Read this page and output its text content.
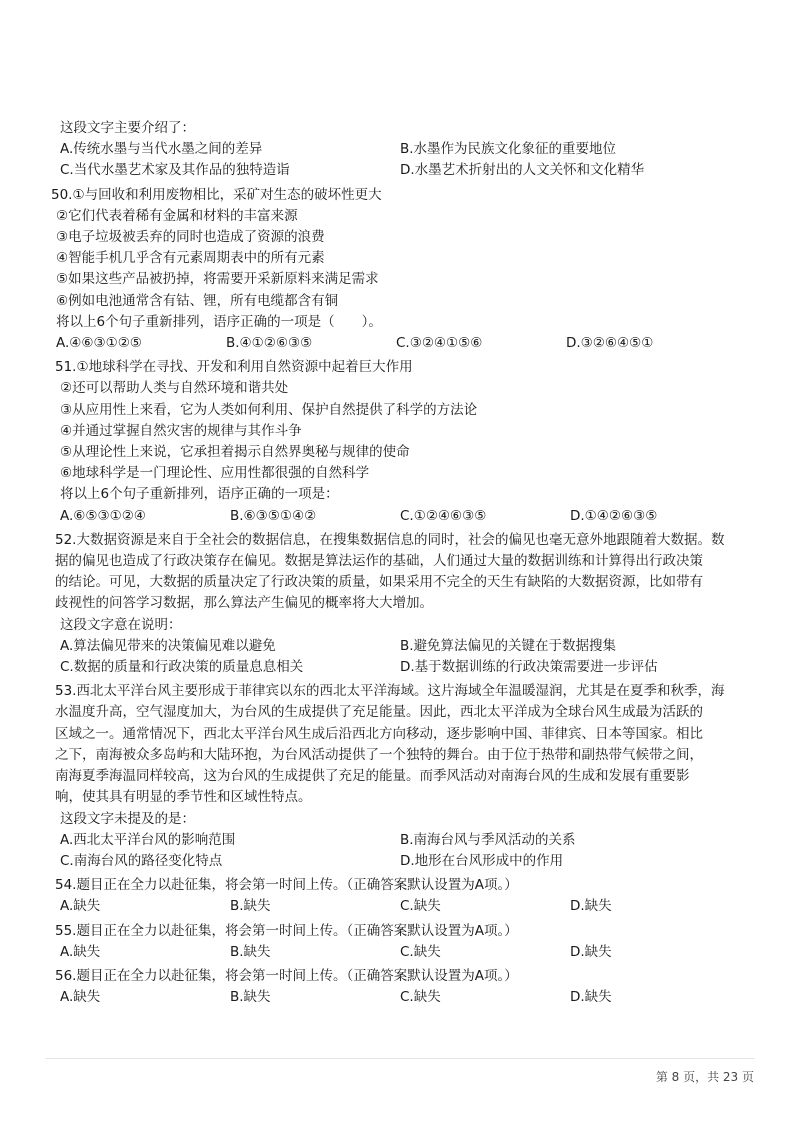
这段文字主要介绍了：
A.传统水墨与当代水墨之间的差异	B.水墨作为民族文化象征的重要地位
C.当代水墨艺术家及其作品的独特造诣	D.水墨艺术折射出的人文关怀和文化精华
50.①与回收和利用废物相比，采矿对生态的破坏性更大
②它们代表着稀有金属和材料的丰富来源
③电子垃圾被丢弃的同时也造成了资源的浪费
④智能手机几乎含有元素周期表中的所有元素
⑤如果这些产品被扔掉，将需要开采新原料来满足需求
⑥例如电池通常含有钴、锂，所有电缆都含有铜
将以上6个句子重新排列，语序正确的一项是（　　）。
A.④⑥③①②⑤	B.④①②⑥③⑤	C.③②④①⑤⑥	D.③②⑥④⑤①
51.①地球科学在寻找、开发和利用自然资源中起着巨大作用
②还可以帮助人类与自然环境和谐共处
③从应用性上来看，它为人类如何利用、保护自然提供了科学的方法论
④并通过掌握自然灾害的规律与其作斗争
⑤从理论性上来说，它承担着揭示自然界奥秘与规律的使命
⑥地球科学是一门理论性、应用性都很强的自然科学
将以上6个句子重新排列，语序正确的一项是：
A.⑥⑤③①②④	B.⑥③⑤①④②	C.①②④⑥③⑤	D.①④②⑥③⑤
52.大数据资源是来自于全社会的数据信息，在搜集数据信息的同时，社会的偏见也毫无意外地跟随着大数据。数
据的偏见也造成了行政决策存在偏见。数据是算法运作的基础，人们通过大量的数据训练和计算得出行政决策
的结论。可见，大数据的质量决定了行政决策的质量，如果采用不完全的天生有缺陷的大数据资源，比如带有
歧视性的问答学习数据，那么算法产生偏见的概率将大大增加。
这段文字意在说明：
A.算法偏见带来的决策偏见难以避免	B.避免算法偏见的关键在于数据搜集
C.数据的质量和行政决策的质量息息相关	D.基于数据训练的行政决策需要进一步评估
53.西北太平洋台风主要形成于菲律宾以东的西北太平洋海域。这片海域全年温暖湿润，尤其是在夏季和秋季，海
水温度升高，空气湿度加大，为台风的生成提供了充足能量。因此，西北太平洋成为全球台风生成最为活跃的
区域之一。通常情况下，西北太平洋台风生成后沿西北方向移动，逐步影响中国、菲律宾、日本等国家。相比
之下，南海被众多岛屿和大陆环抱，为台风活动提供了一个独特的舞台。由于位于热带和副热带气候带之间，
南海夏季海温同样较高，这为台风的生成提供了充足的能量。而季风活动对南海台风的生成和发展有重要影
响，使其具有明显的季节性和区域性特点。
这段文字未提及的是：
A.西北太平洋台风的影响范围	B.南海台风与季风活动的关系
C.南海台风的路径变化特点	D.地形在台风形成中的作用
54.题目正在全力以赴征集，将会第一时间上传。（正确答案默认设置为A项。）
A.缺失	B.缺失	C.缺失	D.缺失
55.题目正在全力以赴征集，将会第一时间上传。（正确答案默认设置为A项。）
A.缺失	B.缺失	C.缺失	D.缺失
56.题目正在全力以赴征集，将会第一时间上传。（正确答案默认设置为A项。）
A.缺失	B.缺失	C.缺失	D.缺失
第 8 页，共 23 页
